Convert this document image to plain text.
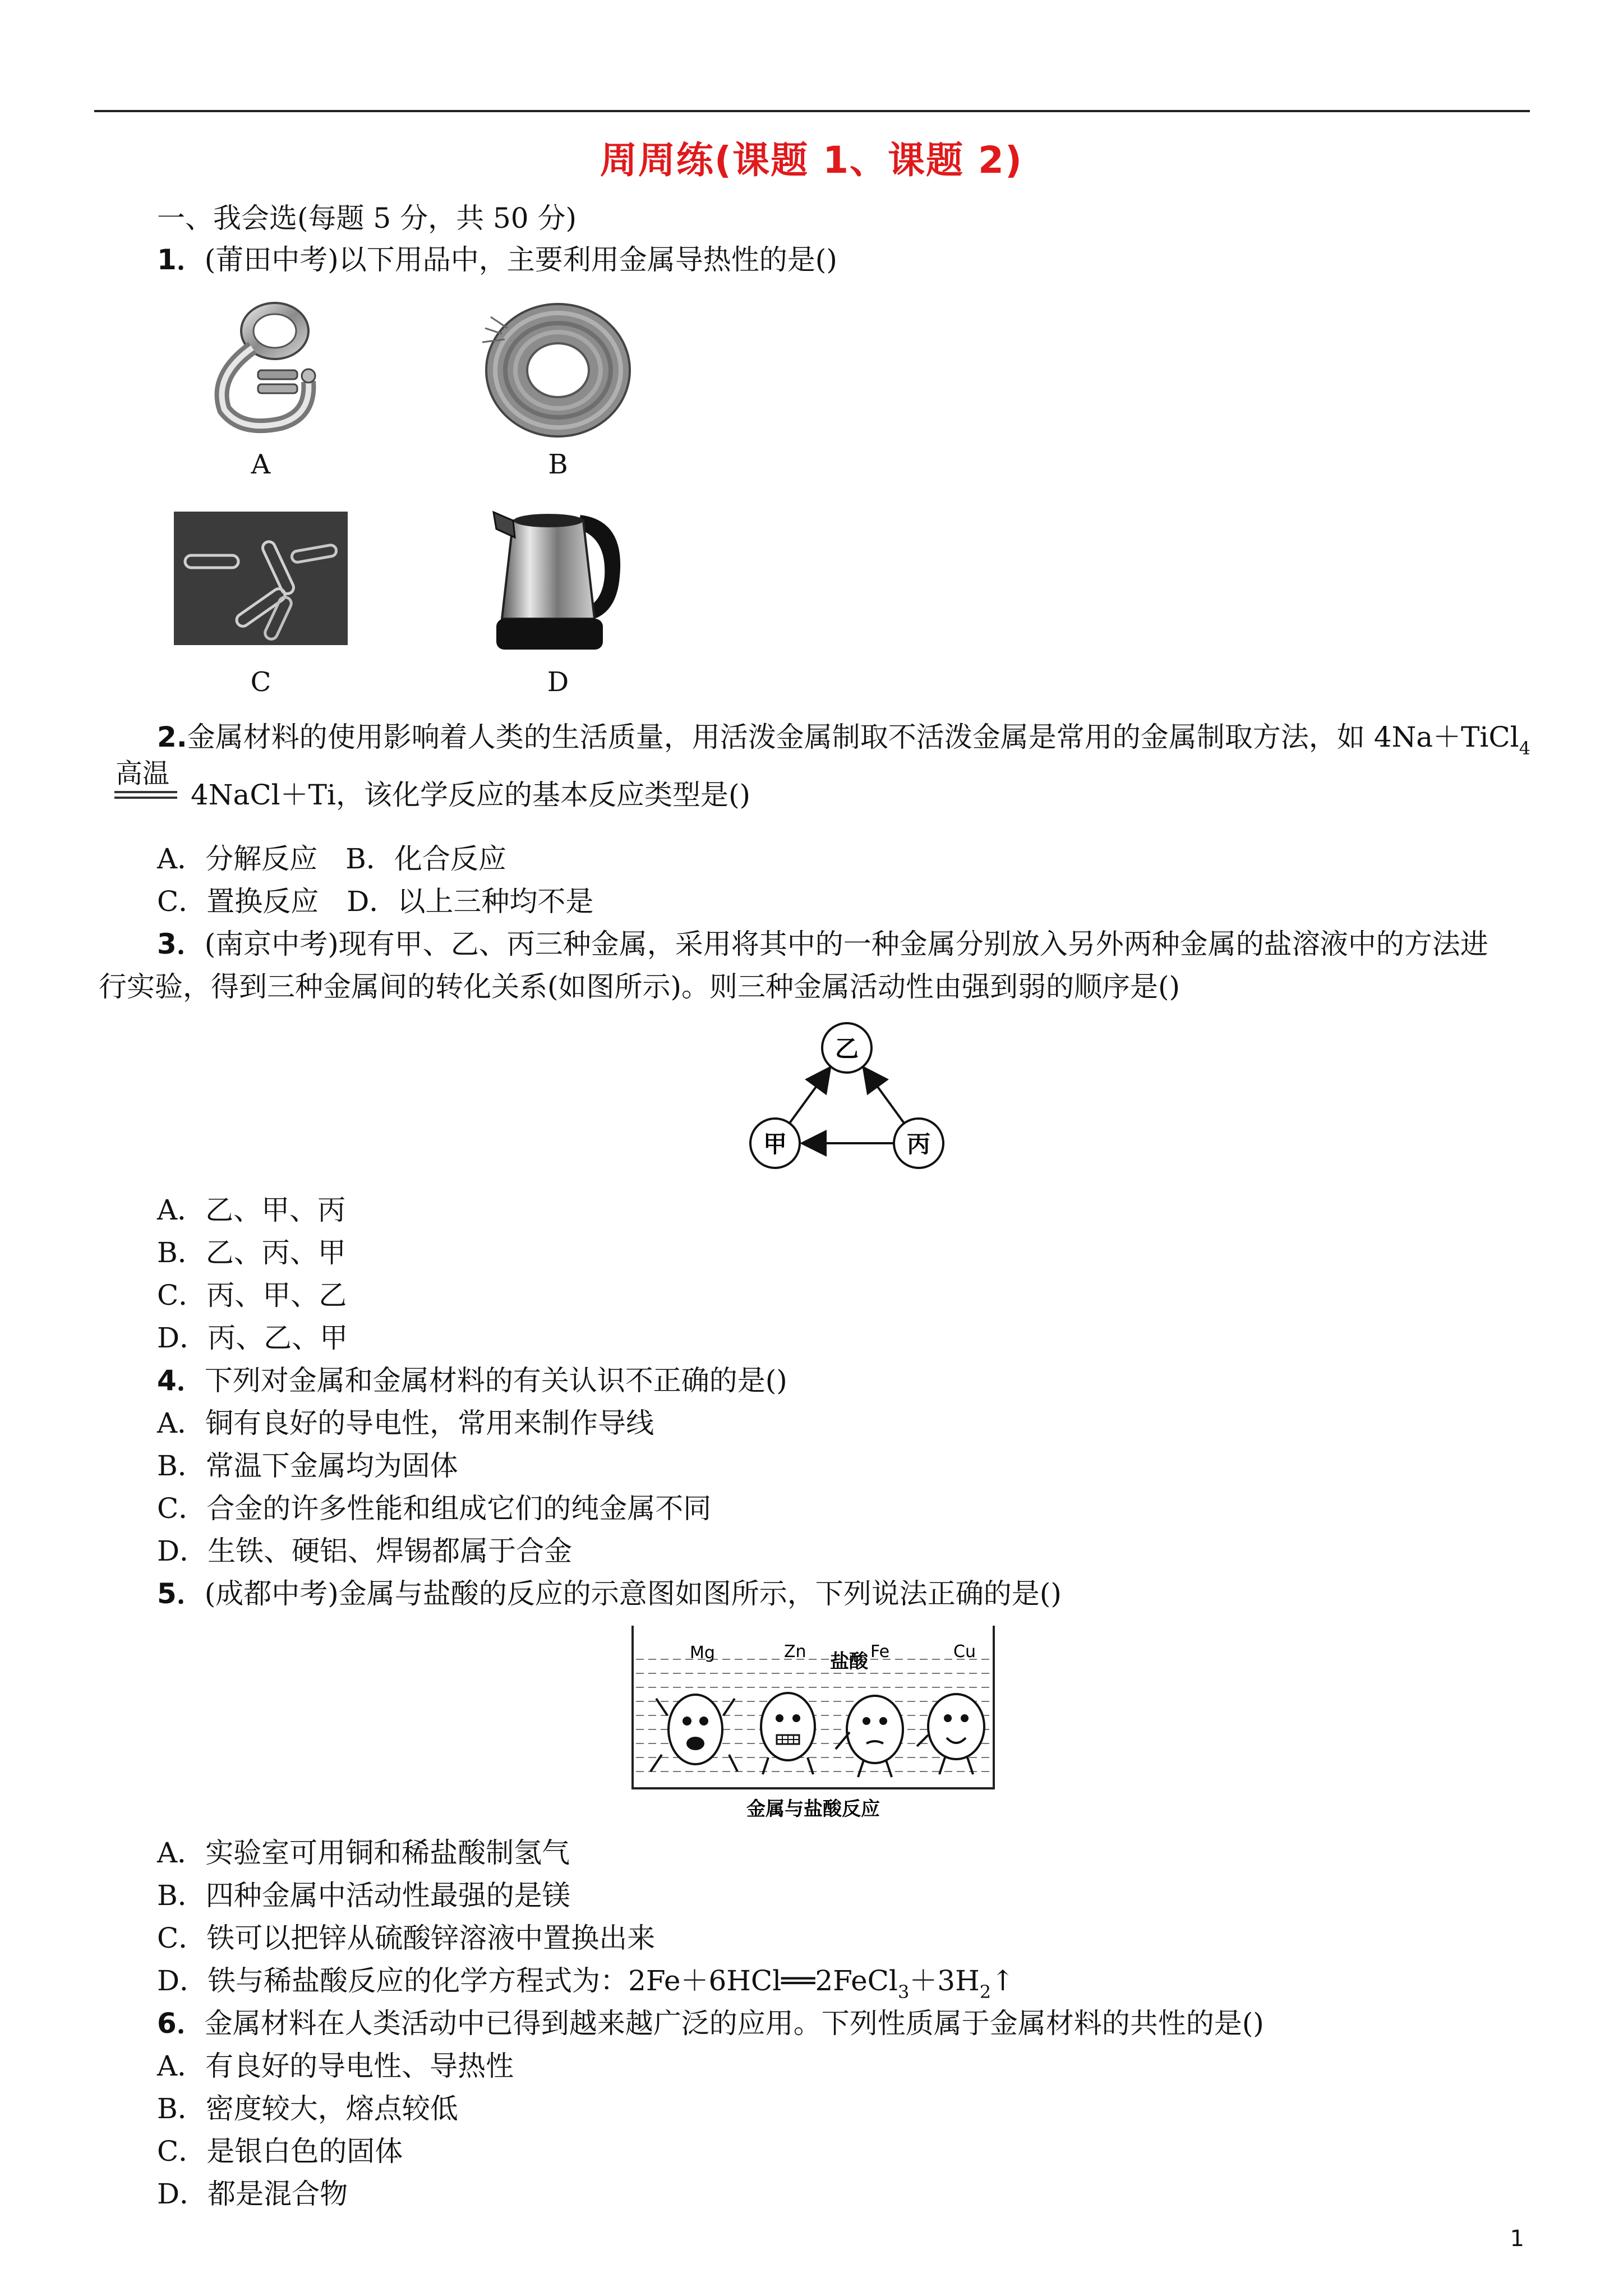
周周练(课题 1、课题 2)
一、我会选(每题 5 分，共 50 分)
1．(莆田中考)以下用品中，主要利用金属导热性的是()
A	B
C	D
2.金属材料的使用影响着人类的生活质量，用活泼金属制取不活泼金属是常用的金属制取方法，如 4Na＋TiCl$_4$
高温
4NaCl＋Ti，该化学反应的基本反应类型是()
A．分解反应　B．化合反应
C．置换反应　D．以上三种均不是
3．(南京中考)现有甲、乙、丙三种金属，采用将其中的一种金属分别放入另外两种金属的盐溶液中的方法进
行实验，得到三种金属间的转化关系(如图所示)。则三种金属活动性由强到弱的顺序是()
乙
甲	丙
A．乙、甲、丙
B．乙、丙、甲
C．丙、甲、乙
D．丙、乙、甲
4．下列对金属和金属材料的有关认识不正确的是()
A．铜有良好的导电性，常用来制作导线
B．常温下金属均为固体
C．合金的许多性能和组成它们的纯金属不同
D．生铁、硬铝、焊锡都属于合金
5．(成都中考)金属与盐酸的反应的示意图如图所示，下列说法正确的是()
Mg	Zn	Fe	Cu
盐酸
金属与盐酸反应
A．实验室可用铜和稀盐酸制氢气
B．四种金属中活动性最强的是镁
C．铁可以把锌从硫酸锌溶液中置换出来
D．铁与稀盐酸反应的化学方程式为：$2Fe+6HCl══2FeCl_3+3H_2↑$
6．金属材料在人类活动中已得到越来越广泛的应用。下列性质属于金属材料的共性的是()
A．有良好的导电性、导热性
B．密度较大，熔点较低
C．是银白色的固体
D．都是混合物
1
